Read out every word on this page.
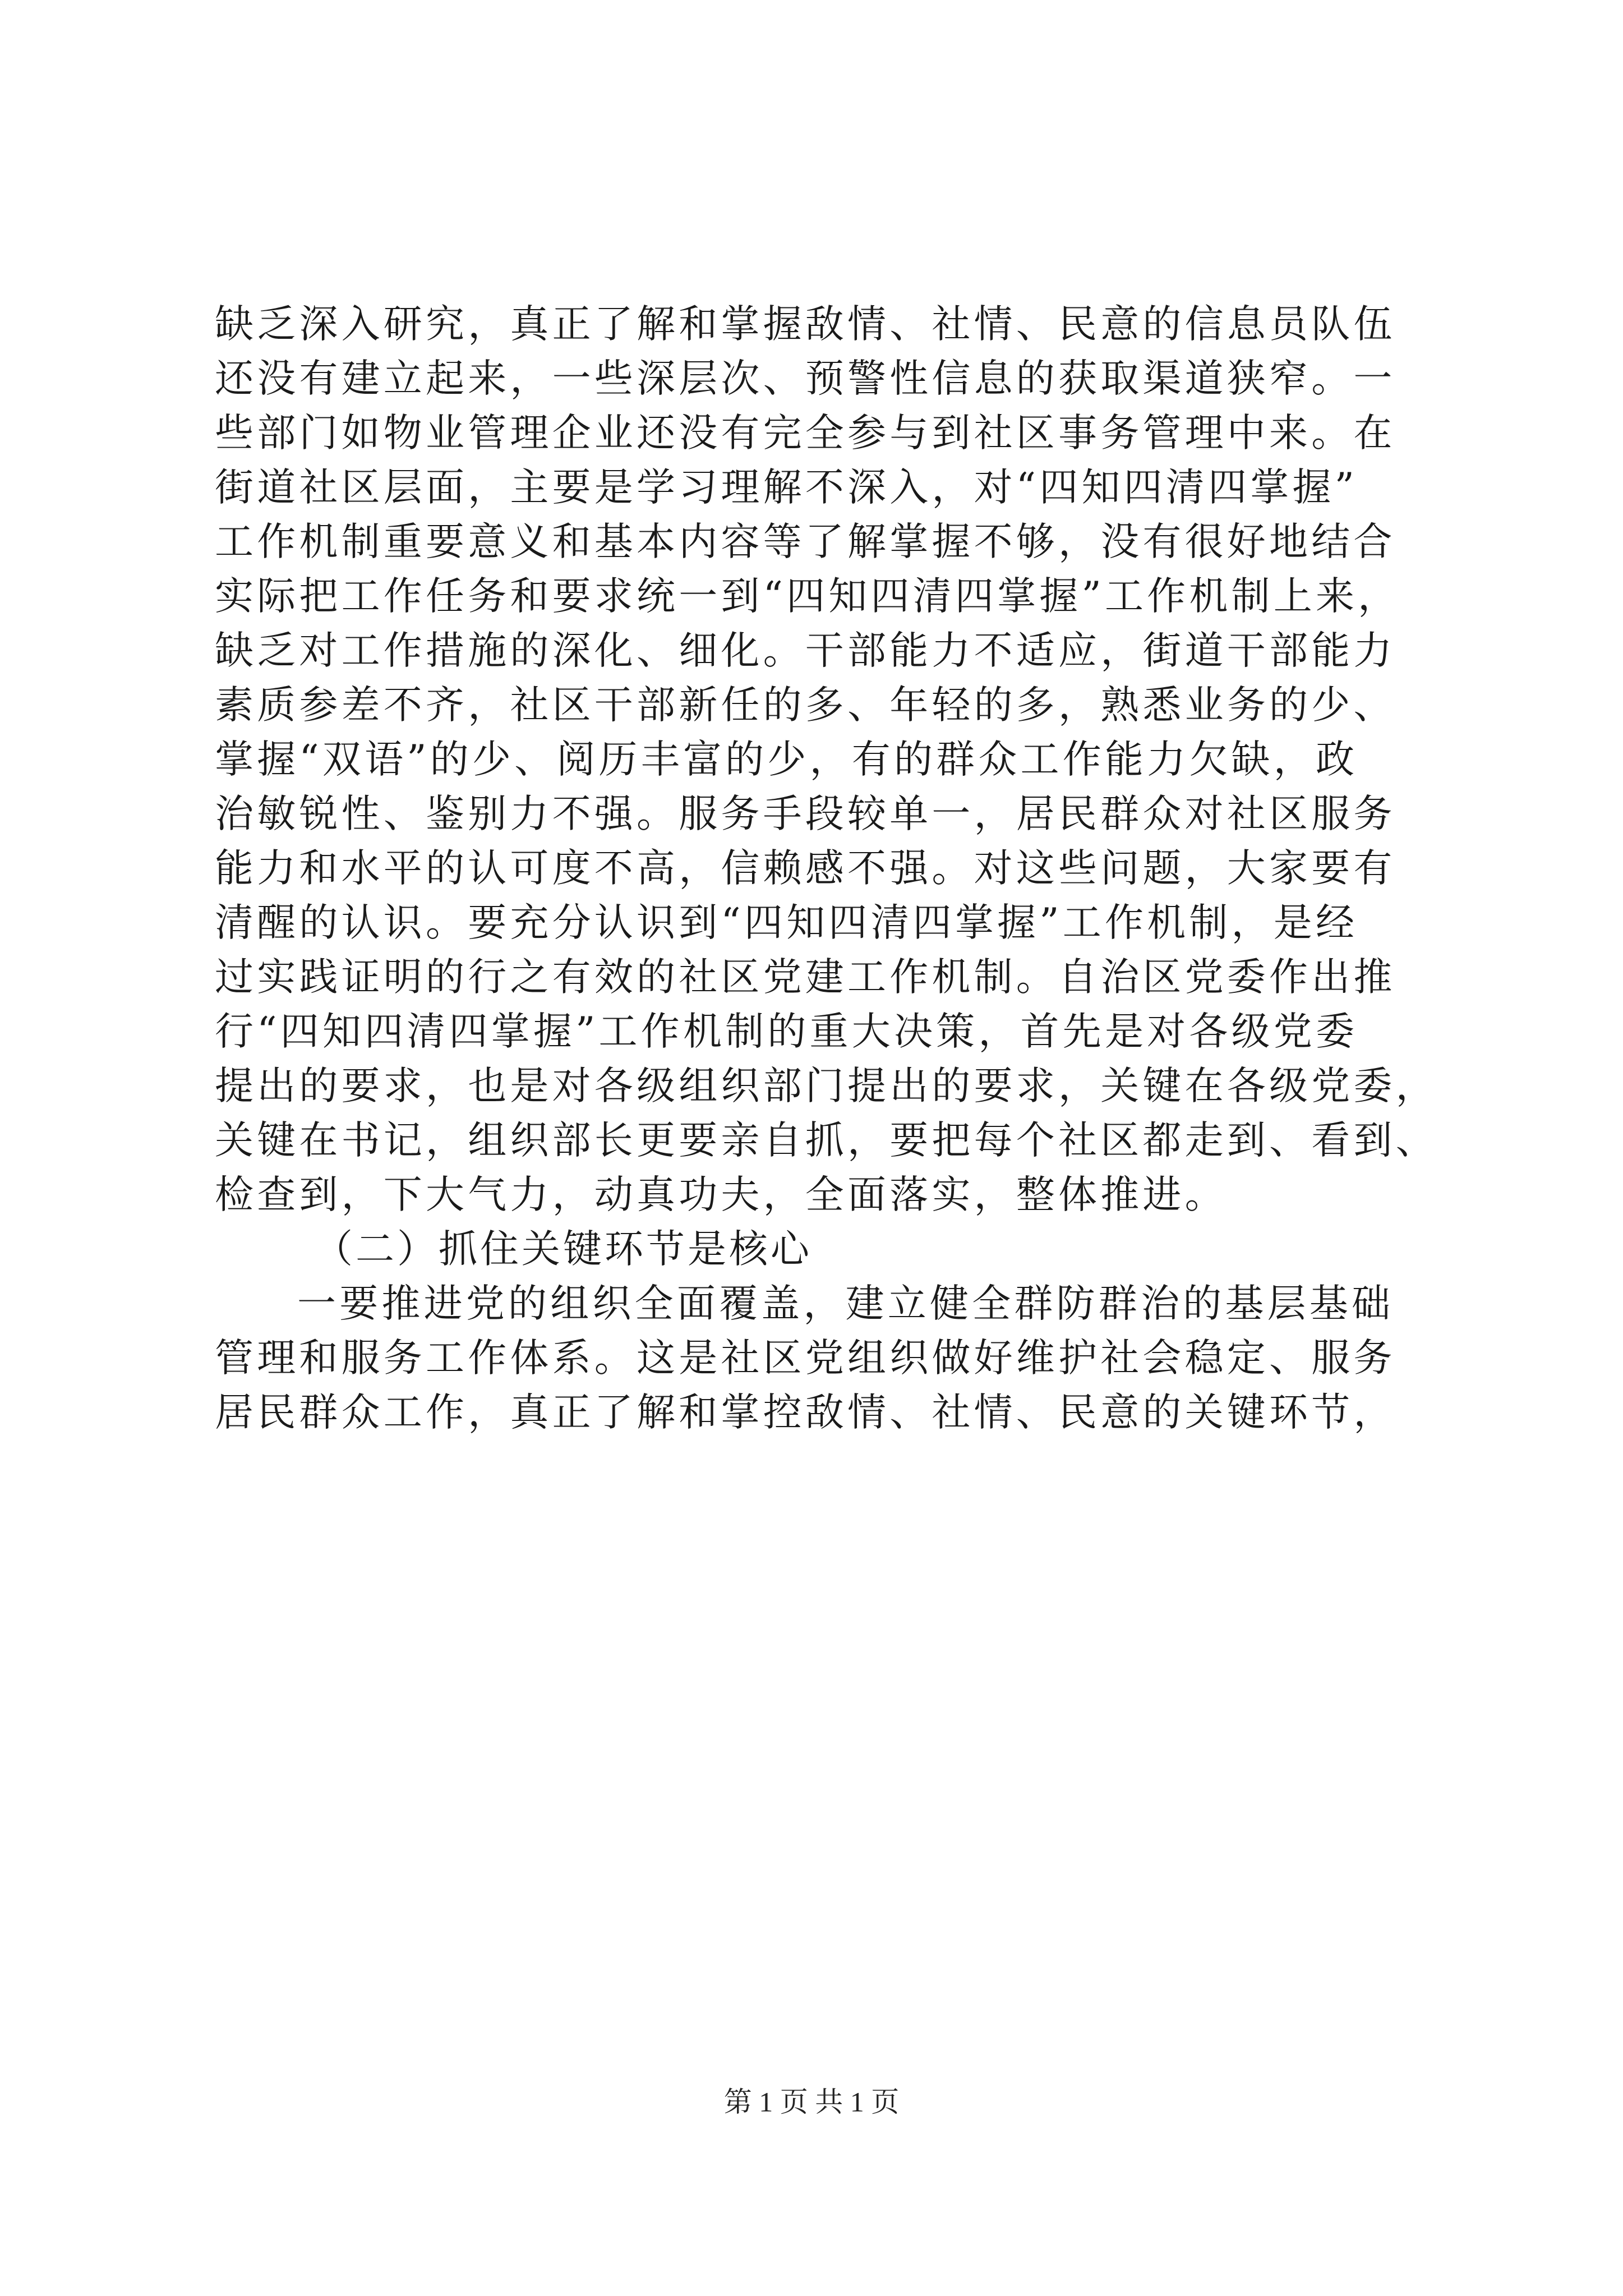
缺乏深入研究，真正了解和掌握敌情、社情、民意的信息员队伍
还没有建立起来，一些深层次、预警性信息的获取渠道狭窄。一
些部门如物业管理企业还没有完全参与到社区事务管理中来。在
街道社区层面，主要是学习理解不深入，对“四知四清四掌握”
工作机制重要意义和基本内容等了解掌握不够，没有很好地结合
实际把工作任务和要求统一到“四知四清四掌握”工作机制上来，
缺乏对工作措施的深化、细化。干部能力不适应，街道干部能力
素质参差不齐，社区干部新任的多、年轻的多，熟悉业务的少、
掌握“双语”的少、阅历丰富的少，有的群众工作能力欠缺，政
治敏锐性、鉴别力不强。服务手段较单一，居民群众对社区服务
能力和水平的认可度不高，信赖感不强。对这些问题，大家要有
清醒的认识。要充分认识到“四知四清四掌握”工作机制，是经
过实践证明的行之有效的社区党建工作机制。自治区党委作出推
行“四知四清四掌握”工作机制的重大决策，首先是对各级党委
提出的要求，也是对各级组织部门提出的要求，关键在各级党委，
关键在书记，组织部长更要亲自抓，要把每个社区都走到、看到、
检查到，下大气力，动真功夫，全面落实，整体推进。
（二）抓住关键环节是核心
一要推进党的组织全面覆盖，建立健全群防群治的基层基础
管理和服务工作体系。这是社区党组织做好维护社会稳定、服务
居民群众工作，真正了解和掌控敌情、社情、民意的关键环节，
第 1 页 共 1 页
